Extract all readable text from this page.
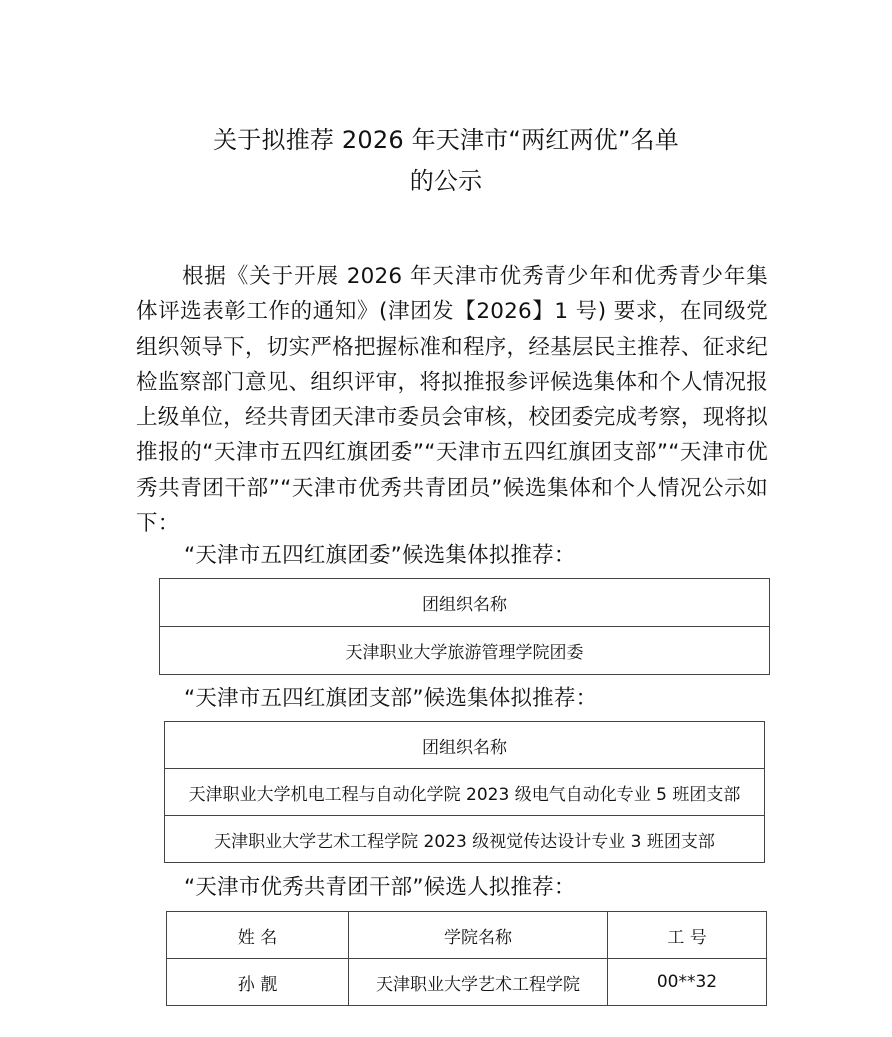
关于拟推荐 2026 年天津市“两红两优”名单
的公示

根据《关于开展 2026 年天津市优秀青少年和优秀青少年集体评选表彰工作的通知》(津团发【2026】1 号) 要求，在同级党组织领导下，切实严格把握标准和程序，经基层民主推荐、征求纪检监察部门意见、组织评审，将拟推报参评候选集体和个人情况报上级单位，经共青团天津市委员会审核，校团委完成考察，现将拟推报的“天津市五四红旗团委”“天津市五四红旗团支部”“天津市优秀共青团干部”“天津市优秀共青团员”候选集体和个人情况公示如下：

“天津市五四红旗团委”候选集体拟推荐：
团组织名称
天津职业大学旅游管理学院团委
“天津市五四红旗团支部”候选集体拟推荐：
团组织名称
天津职业大学机电工程与自动化学院 2023 级电气自动化专业 5 班团支部
天津职业大学艺术工程学院 2023 级视觉传达设计专业 3 班团支部
“天津市优秀共青团干部”候选人拟推荐：
姓 名	学院名称	工 号
孙 靓	天津职业大学艺术工程学院	00**32
